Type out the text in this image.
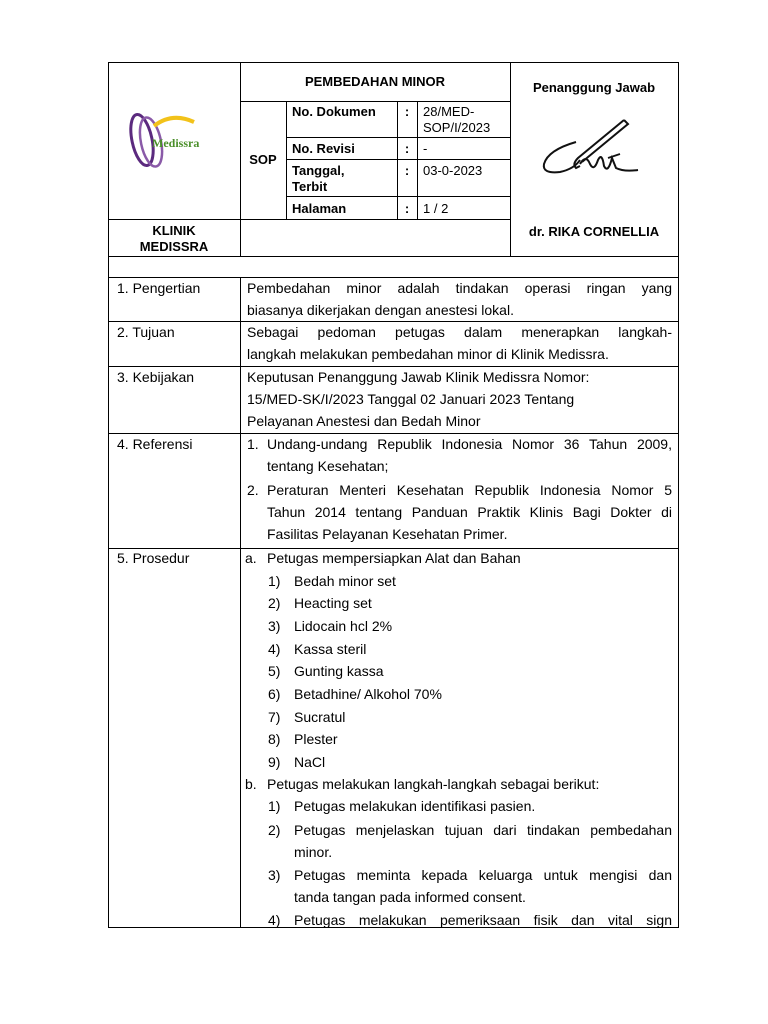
Medissra
KLINIK
MEDISSRA
PEMBEDAHAN MINOR
SOP
No. Dokumen	:	28/MED-
SOP/I/2023
No. Revisi	:	-
Tanggal,
Terbit
:	03-0-2023
Halaman	:	1 / 2
Penanggung Jawab
dr. RIKA CORNELLIA
1. Pengertian	Pembedahan minor adalah tindakan operasi ringan yang
biasanya dikerjakan dengan anestesi lokal.
2. Tujuan	Sebagai pedoman petugas dalam menerapkan langkah-
langkah melakukan pembedahan minor di Klinik Medissra.
3. Kebijakan	Keputusan Penanggung Jawab Klinik Medissra Nomor:
15/MED-SK/I/2023 Tanggal 02 Januari 2023 Tentang
Pelayanan Anestesi dan Bedah Minor
4. Referensi	1. Undang-undang Republik Indonesia Nomor 36 Tahun 2009,
tentang Kesehatan;
2. Peraturan Menteri Kesehatan Republik Indonesia Nomor 5
Tahun 2014 tentang Panduan Praktik Klinis Bagi Dokter di
Fasilitas Pelayanan Kesehatan Primer.
5. Prosedur	a. Petugas mempersiapkan Alat dan Bahan
1) Bedah minor set
2) Heacting set
3) Lidocain hcl 2%
4) Kassa steril
5) Gunting kassa
6) Betadhine/ Alkohol 70%
7) Sucratul
8) Plester
9) NaCl
b. Petugas melakukan langkah-langkah sebagai berikut:
1) Petugas melakukan identifikasi pasien.
2) Petugas menjelaskan tujuan dari tindakan pembedahan
minor.
3) Petugas meminta kepada keluarga untuk mengisi dan
tanda tangan pada informed consent.
4) Petugas melakukan pemeriksaan fisik dan vital sign
